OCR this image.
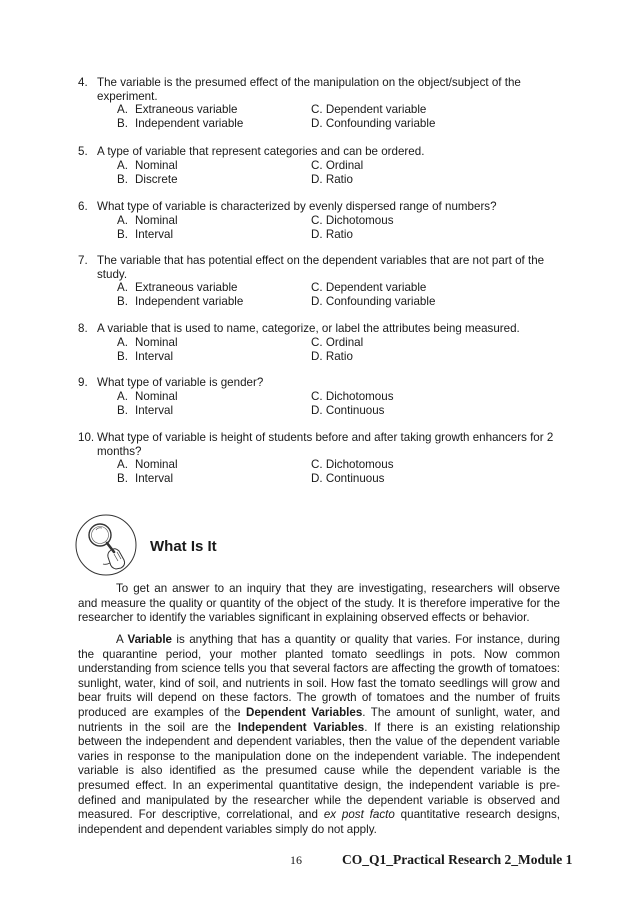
4. The variable is the presumed effect of the manipulation on the object/subject of the experiment.
A. Extraneous variable	C. Dependent variable
B. Independent variable	D. Confounding variable
5. A type of variable that represent categories and can be ordered.
A. Nominal	C. Ordinal
B. Discrete	D. Ratio
6. What type of variable is characterized by evenly dispersed range of numbers?
A. Nominal	C. Dichotomous
B. Interval	D. Ratio
7. The variable that has potential effect on the dependent variables that are not part of the study.
A. Extraneous variable	C. Dependent variable
B. Independent variable	D. Confounding variable
8. A variable that is used to name, categorize, or label the attributes being measured.
A. Nominal	C. Ordinal
B. Interval	D. Ratio
9. What type of variable is gender?
A. Nominal	C. Dichotomous
B. Interval	D. Continuous
10. What type of variable is height of students before and after taking growth enhancers for 2 months?
A. Nominal	C. Dichotomous
B. Interval	D. Continuous
What Is It

To get an answer to an inquiry that they are investigating, researchers will observe and measure the quality or quantity of the object of the study. It is therefore imperative for the researcher to identify the variables significant in explaining observed effects or behavior.

A Variable is anything that has a quantity or quality that varies. For instance, during the quarantine period, your mother planted tomato seedlings in pots. Now common understanding from science tells you that several factors are affecting the growth of tomatoes: sunlight, water, kind of soil, and nutrients in soil. How fast the tomato seedlings will grow and bear fruits will depend on these factors. The growth of tomatoes and the number of fruits produced are examples of the Dependent Variables. The amount of sunlight, water, and nutrients in the soil are the Independent Variables. If there is an existing relationship between the independent and dependent variables, then the value of the dependent variable varies in response to the manipulation done on the independent variable. The independent variable is also identified as the presumed cause while the dependent variable is the presumed effect. In an experimental quantitative design, the independent variable is pre-defined and manipulated by the researcher while the dependent variable is observed and measured. For descriptive, correlational, and ex post facto quantitative research designs, independent and dependent variables simply do not apply.

16	CO_Q1_Practical Research 2_Module 1
